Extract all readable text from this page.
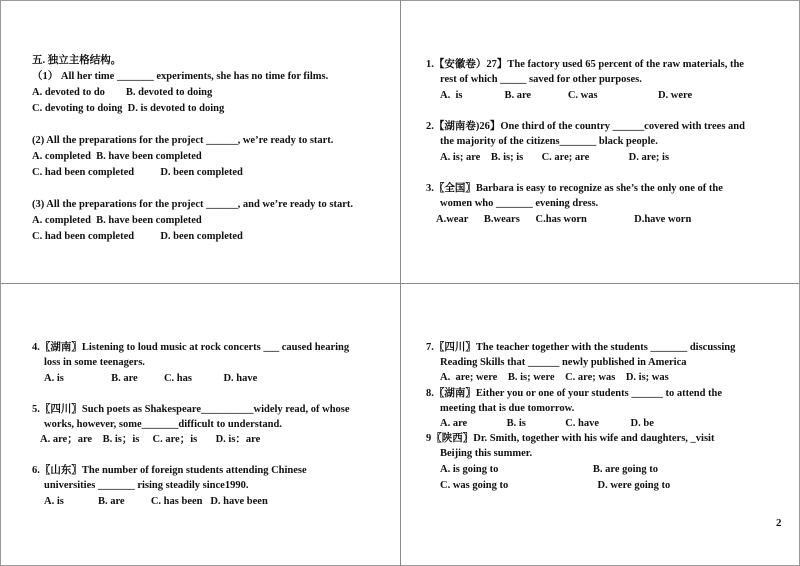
五. 独立主格结构。
（1） All her time _______ experiments, she has no time for films.
A. devoted to do        B. devoted to doing
C. devoting to doing  D. is devoted to doing
(2) All the preparations for the project ______, we’re ready to start.
A. completed  B. have been completed
C. had been completed          D. been completed
(3) All the preparations for the project ______, and we’re ready to start.
A. completed  B. have been completed
C. had been completed          D. been completed
1.【安徽卷）27】The factory used 65 percent of the raw materials, the
rest of which _____ saved for other purposes.
A.  is                B. are              C. was                       D. were
2.【湖南卷)26】One third of the country ______covered with trees and
the majority of the citizens_______ black people.
A. is; are    B. is; is       C. are; are               D. are; is
3.〖全国〗Barbara is easy to recognize as she’s the only one of the
women who _______ evening dress.
A.wear      B.wears      C.has worn                  D.have worn
4.〖湖南〗Listening to loud music at rock concerts ___ caused hearing
loss in some teenagers.
A. is                  B. are          C. has            D. have
5.〖四川〗Such poets as Shakespeare__________widely read, of whose
works, however, some_______difficult to understand.
A. are；are    B. is；is     C. are；is       D. is：are
6.〖山东〗The number of foreign students attending Chinese
universities _______ rising steadily since1990.
A. is             B. are          C. has been   D. have been
7.〖四川〗The teacher together with the students _______ discussing
Reading Skills that ______ newly published in America
A.  are; were    B. is; were    C. are; was    D. is; was
8.〖湖南〗Either you or one of your students ______ to attend the
meeting that is due tomorrow.
A. are               B. is               C. have            D. be
9〖陕西〗Dr. Smith, together with his wife and daughters, _visit
Beijing this summer.
A. is going to                                    B. are going to
C. was going to                                  D. were going to
2
